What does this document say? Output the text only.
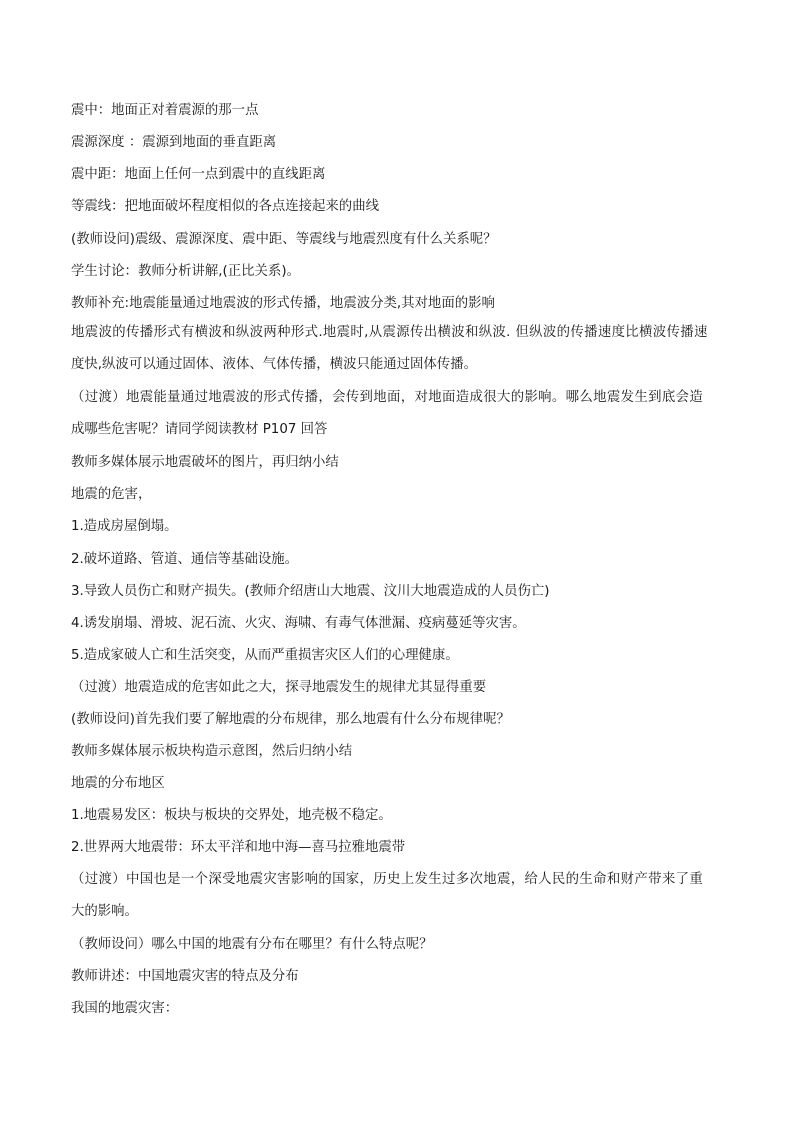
震中：地面正对着震源的那一点
震源深度 ：震源到地面的垂直距离
震中距：地面上任何一点到震中的直线距离
等震线：把地面破坏程度相似的各点连接起来的曲线
(教师设问)震级、震源深度、震中距、等震线与地震烈度有什么关系呢？
学生讨论：教师分析讲解,(正比关系)。
教师补充:地震能量通过地震波的形式传播，地震波分类,其对地面的影响
地震波的传播形式有横波和纵波两种形式.地震时,从震源传出横波和纵波. 但纵波的传播速度比横波传播速
度快,纵波可以通过固体、液体、气体传播，横波只能通过固体传播。
（过渡）地震能量通过地震波的形式传播，会传到地面，对地面造成很大的影响。哪么地震发生到底会造
成哪些危害呢？请同学阅读教材 P107 回答
教师多媒体展示地震破坏的图片，再归纳小结
地震的危害，
1.造成房屋倒塌。
2.破坏道路、管道、通信等基础设施。
3.导致人员伤亡和财产损失。(教师介绍唐山大地震、汶川大地震造成的人员伤亡)
4.诱发崩塌、滑坡、泥石流、火灾、海啸、有毒气体泄漏、疫病蔓延等灾害。
5.造成家破人亡和生活突变，从而严重损害灾区人们的心理健康。
（过渡）地震造成的危害如此之大，探寻地震发生的规律尤其显得重要
(教师设问)首先我们要了解地震的分布规律，那么地震有什么分布规律呢？
教师多媒体展示板块构造示意图，然后归纳小结
地震的分布地区
1.地震易发区：板块与板块的交界处，地壳极不稳定。
2.世界两大地震带：环太平洋和地中海—喜马拉雅地震带
（过渡）中国也是一个深受地震灾害影响的国家，历史上发生过多次地震，给人民的生命和财产带来了重
大的影响。
（教师设问）哪么中国的地震有分布在哪里？有什么特点呢？
教师讲述：中国地震灾害的特点及分布
我国的地震灾害：
